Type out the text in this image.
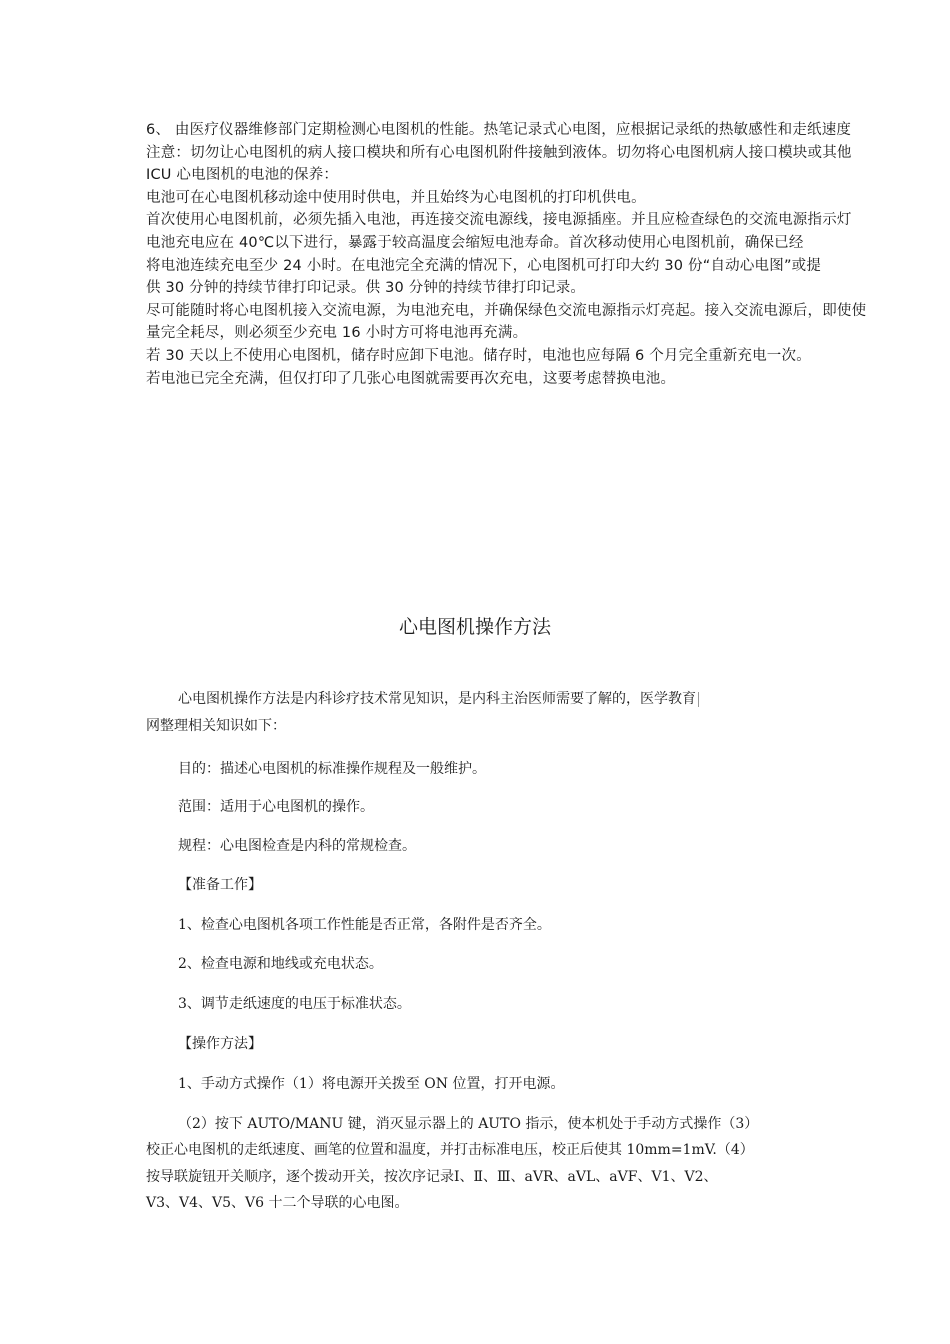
6、 由医疗仪器维修部门定期检测心电图机的性能。热笔记录式心电图，应根据记录纸的热敏感性和走纸速度

注意：切勿让心电图机的病人接口模块和所有心电图机附件接触到液体。切勿将心电图机病人接口模块或其他

ICU 心电图机的电池的保养：

电池可在心电图机移动途中使用时供电，并且始终为心电图机的打印机供电。

首次使用心电图机前，必须先插入电池，再连接交流电源线，接电源插座。并且应检查绿色的交流电源指示灯

电池充电应在 40℃以下进行，暴露于较高温度会缩短电池寿命。首次移动使用心电图机前，确保已经

将电池连续充电至少 24 小时。在电池完全充满的情况下，心电图机可打印大约 30 份“自动心电图”或提

供 30 分钟的持续节律打印记录。供 30 分钟的持续节律打印记录。

尽可能随时将心电图机接入交流电源，为电池充电，并确保绿色交流电源指示灯亮起。接入交流电源后，即使使

量完全耗尽，则必须至少充电 16 小时方可将电池再充满。

若 30 天以上不使用心电图机，储存时应卸下电池。储存时，电池也应每隔 6 个月完全重新充电一次。

若电池已完全充满，但仅打印了几张心电图就需要再次充电，这要考虑替换电池。

心电图机操作方法

心电图机操作方法是内科诊疗技术常见知识，是内科主治医师需要了解的，医学教育

网整理相关知识如下：

目的：描述心电图机的标准操作规程及一般维护。

范围：适用于心电图机的操作。

规程：心电图检查是内科的常规检查。

【准备工作】

1、检查心电图机各项工作性能是否正常，各附件是否齐全。

2、检查电源和地线或充电状态。

3、调节走纸速度的电压于标准状态。

【操作方法】

1、手动方式操作（1）将电源开关拨至 ON 位置，打开电源。

（2）按下 AUTO/MANU 键，消灭显示器上的 AUTO 指示，使本机处于手动方式操作（3）

校正心电图机的走纸速度、画笔的位置和温度，并打击标准电压，校正后使其 10mm=1mV.（4）

按导联旋钮开关顺序，逐个拨动开关，按次序记录Ⅰ、Ⅱ、Ⅲ、aVR、aVL、aVF、V1、V2、

V3、V4、V5、V6 十二个导联的心电图。
